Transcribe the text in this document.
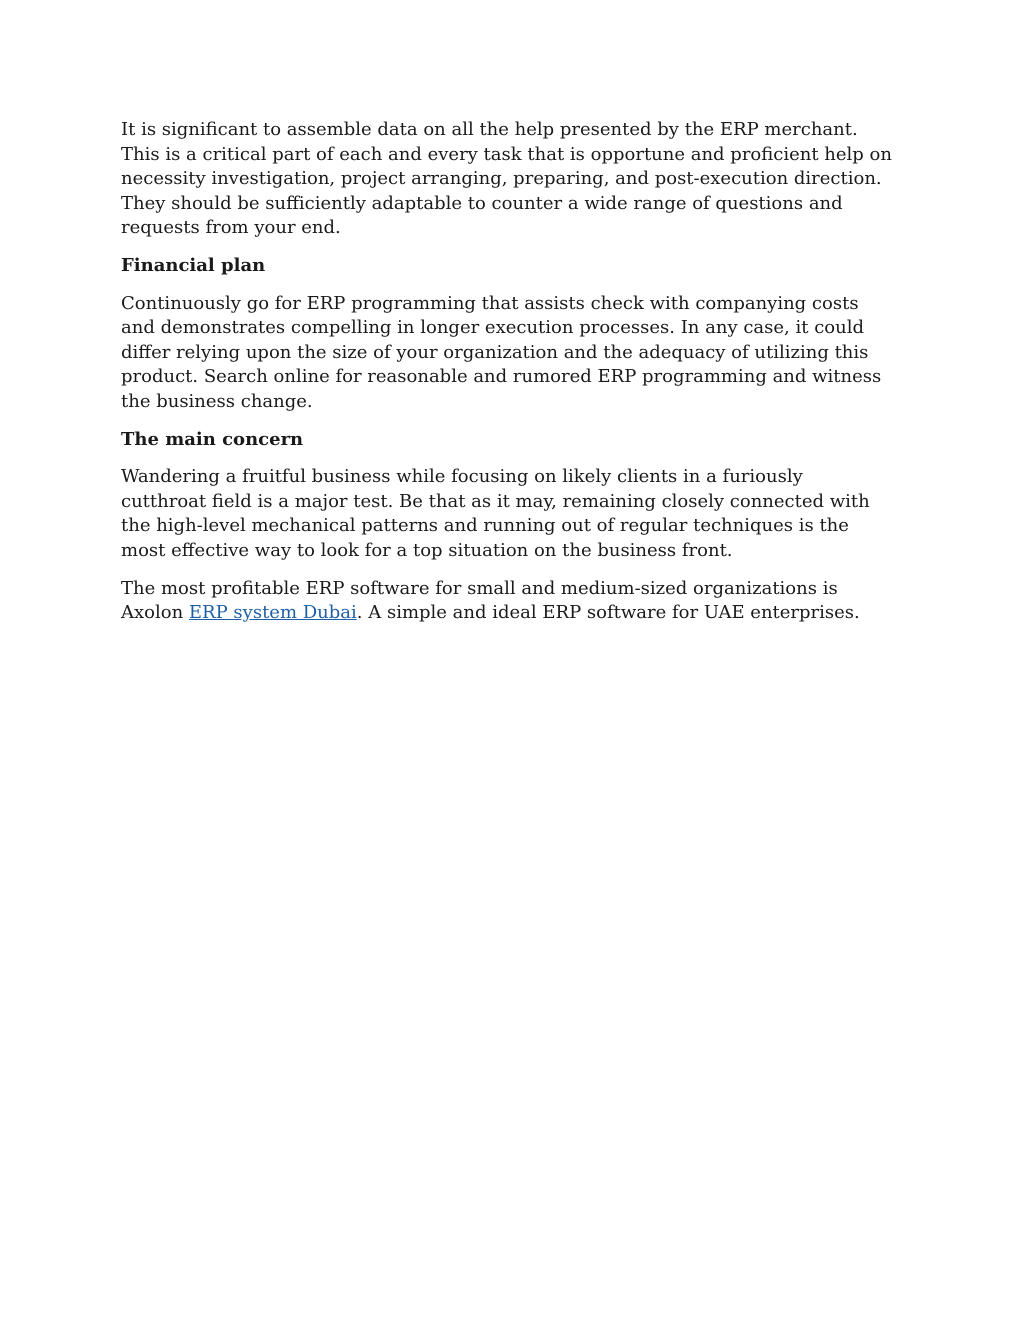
It is significant to assemble data on all the help presented by the ERP merchant. This is a critical part of each and every task that is opportune and proficient help on necessity investigation, project arranging, preparing, and post-execution direction. They should be sufficiently adaptable to counter a wide range of questions and requests from your end.

Financial plan

Continuously go for ERP programming that assists check with companying costs and demonstrates compelling in longer execution processes. In any case, it could differ relying upon the size of your organization and the adequacy of utilizing this product. Search online for reasonable and rumored ERP programming and witness the business change.

The main concern

Wandering a fruitful business while focusing on likely clients in a furiously cutthroat field is a major test. Be that as it may, remaining closely connected with the high-level mechanical patterns and running out of regular techniques is the most effective way to look for a top situation on the business front.

The most profitable ERP software for small and medium-sized organizations is Axolon ERP system Dubai. A simple and ideal ERP software for UAE enterprises.
